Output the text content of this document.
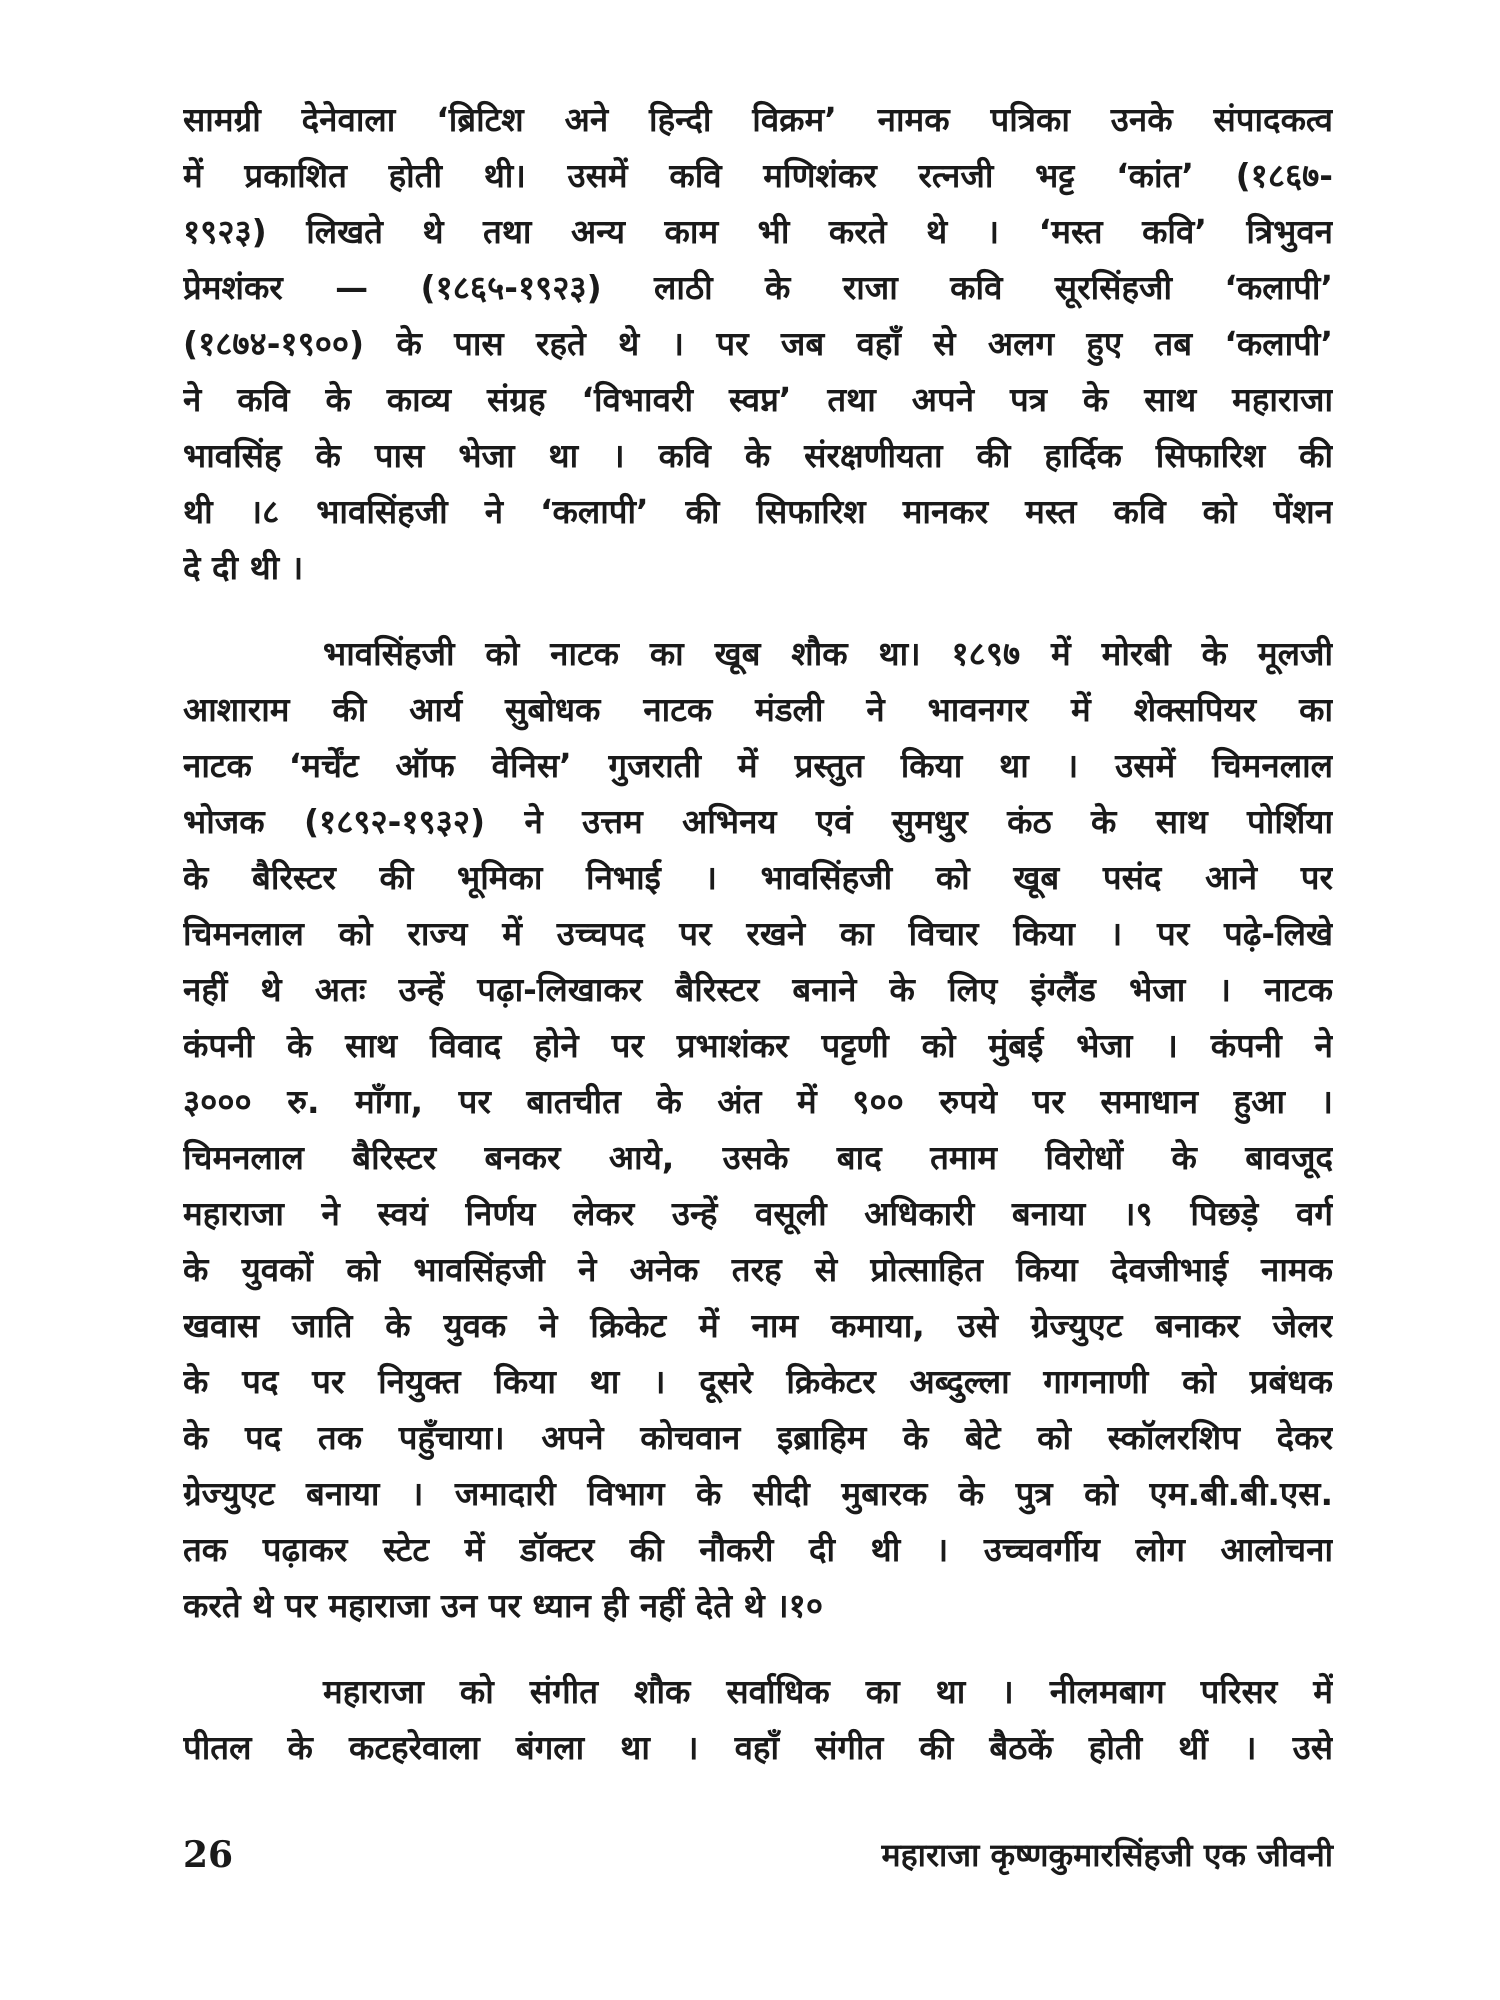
सामग्री देनेवाला ‘ब्रिटिश अने हिन्दी विक्रम’ नामक पत्रिका उनके संपादकत्व
में प्रकाशित होती थी। उसमें कवि मणिशंकर रत्नजी भट्ट ‘कांत’ (१८६७-
१९२३) लिखते थे तथा अन्य काम भी करते थे । ‘मस्त कवि’ त्रिभुवन
प्रेमशंकर — (१८६५-१९२३) लाठी के राजा कवि सूरसिंहजी ‘कलापी’
(१८७४-१९००) के पास रहते थे । पर जब वहाँ से अलग हुए तब ‘कलापी’
ने कवि के काव्य संग्रह ‘विभावरी स्वप्न’ तथा अपने पत्र के साथ महाराजा
भावसिंह के पास भेजा था । कवि के संरक्षणीयता की हार्दिक सिफारिश की
थी ।८ भावसिंहजी ने ‘कलापी’ की सिफारिश मानकर मस्त कवि को पेंशन
दे दी थी ।
भावसिंहजी को नाटक का खूब शौक था। १८९७ में मोरबी के मूलजी
आशाराम की आर्य सुबोधक नाटक मंडली ने भावनगर में शेक्सपियर का
नाटक ‘मर्चेंट ऑफ वेनिस’ गुजराती में प्रस्तुत किया था । उसमें चिमनलाल
भोजक (१८९२-१९३२) ने उत्तम अभिनय एवं सुमधुर कंठ के साथ पोर्शिया
के बैरिस्टर की भूमिका निभाई । भावसिंहजी को खूब पसंद आने पर
चिमनलाल को राज्य में उच्चपद पर रखने का विचार किया । पर पढ़े-लिखे
नहीं थे अतः उन्हें पढ़ा-लिखाकर बैरिस्टर बनाने के लिए इंग्लैंड भेजा । नाटक
कंपनी के साथ विवाद होने पर प्रभाशंकर पट्टणी को मुंबई भेजा । कंपनी ने
३००० रु. माँगा, पर बातचीत के अंत में ९०० रुपये पर समाधान हुआ ।
चिमनलाल बैरिस्टर बनकर आये, उसके बाद तमाम विरोधों के बावजूद
महाराजा ने स्वयं निर्णय लेकर उन्हें वसूली अधिकारी बनाया ।९ पिछड़े वर्ग
के युवकों को भावसिंहजी ने अनेक तरह से प्रोत्साहित किया देवजीभाई नामक
खवास जाति के युवक ने क्रिकेट में नाम कमाया, उसे ग्रेज्युएट बनाकर जेलर
के पद पर नियुक्त किया था । दूसरे क्रिकेटर अब्दुल्ला गागनाणी को प्रबंधक
के पद तक पहुँचाया। अपने कोचवान इब्राहिम के बेटे को स्कॉलरशिप देकर
ग्रेज्युएट बनाया । जमादारी विभाग के सीदी मुबारक के पुत्र को एम.बी.बी.एस.
तक पढ़ाकर स्टेट में डॉक्टर की नौकरी दी थी । उच्चवर्गीय लोग आलोचना
करते थे पर महाराजा उन पर ध्यान ही नहीं देते थे ।१०
महाराजा को संगीत शौक सर्वाधिक का था । नीलमबाग परिसर में
पीतल के कटहरेवाला बंगला था । वहाँ संगीत की बैठकें होती थीं । उसे
26	महाराजा कृष्णकुमारसिंहजी एक जीवनी
